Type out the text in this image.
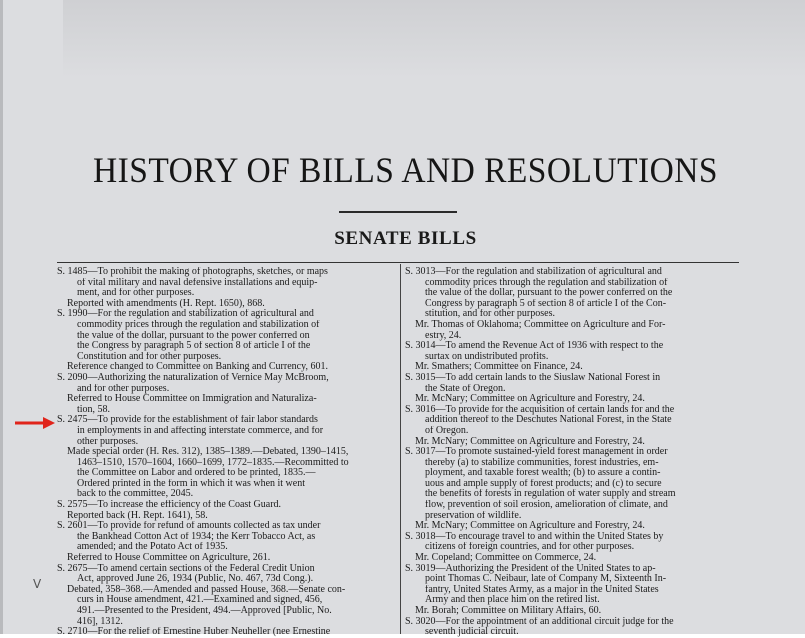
HISTORY OF BILLS AND RESOLUTIONS
SENATE BILLS
S. 1485—To prohibit the making of photographs, sketches, or maps
of vital military and naval defensive installations and equip-
ment, and for other purposes.
Reported with amendments (H. Rept. 1650), 868.
S. 1990—For the regulation and stabilization of agricultural and
commodity prices through the regulation and stabilization of
the value of the dollar, pursuant to the power conferred on
the Congress by paragraph 5 of section 8 of article I of the
Constitution and for other purposes.
Reference changed to Committee on Banking and Currency, 601.
S. 2090—Authorizing the naturalization of Vernice May McBroom,
and for other purposes.
Referred to House Committee on Immigration and Naturaliza-
tion, 58.
S. 2475—To provide for the establishment of fair labor standards
in employments in and affecting interstate commerce, and for
other purposes.
Made special order (H. Res. 312), 1385–1389.—Debated, 1390–1415,
1463–1510, 1570–1604, 1660–1699, 1772–1835.—Recommitted to
the Committee on Labor and ordered to be printed, 1835.—
Ordered printed in the form in which it was when it went
back to the committee, 2045.
S. 2575—To increase the efficiency of the Coast Guard.
Reported back (H. Rept. 1641), 58.
S. 2601—To provide for refund of amounts collected as tax under
the Bankhead Cotton Act of 1934; the Kerr Tobacco Act, as
amended; and the Potato Act of 1935.
Referred to House Committee on Agriculture, 261.
S. 2675—To amend certain sections of the Federal Credit Union
Act, approved June 26, 1934 (Public, No. 467, 73d Cong.).
Debated, 358–368.—Amended and passed House, 368.—Senate con-
curs in House amendment, 421.—Examined and signed, 456,
491.—Presented to the President, 494.—Approved [Public, No.
416], 1312.
S. 2710—For the relief of Ernestine Huber Neuheller (nee Ernestine
S. 3013—For the regulation and stabilization of agricultural and
commodity prices through the regulation and stabilization of
the value of the dollar, pursuant to the power conferred on the
Congress by paragraph 5 of section 8 of article I of the Con-
stitution, and for other purposes.
Mr. Thomas of Oklahoma; Committee on Agriculture and For-
estry, 24.
S. 3014—To amend the Revenue Act of 1936 with respect to the
surtax on undistributed profits.
Mr. Smathers; Committee on Finance, 24.
S. 3015—To add certain lands to the Siuslaw National Forest in
the State of Oregon.
Mr. McNary; Committee on Agriculture and Forestry, 24.
S. 3016—To provide for the acquisition of certain lands for and the
addition thereof to the Deschutes National Forest, in the State
of Oregon.
Mr. McNary; Committee on Agriculture and Forestry, 24.
S. 3017—To promote sustained-yield forest management in order
thereby (a) to stabilize communities, forest industries, em-
ployment, and taxable forest wealth; (b) to assure a contin-
uous and ample supply of forest products; and (c) to secure
the benefits of forests in regulation of water supply and stream
flow, prevention of soil erosion, amelioration of climate, and
preservation of wildlife.
Mr. McNary; Committee on Agriculture and Forestry, 24.
S. 3018—To encourage travel to and within the United States by
citizens of foreign countries, and for other purposes.
Mr. Copeland; Committee on Commerce, 24.
S. 3019—Authorizing the President of the United States to ap-
point Thomas C. Neibaur, late of Company M, Sixteenth In-
fantry, United States Army, as a major in the United States
Army and then place him on the retired list.
Mr. Borah; Committee on Military Affairs, 60.
S. 3020—For the appointment of an additional circuit judge for the
seventh judicial circuit.
V
